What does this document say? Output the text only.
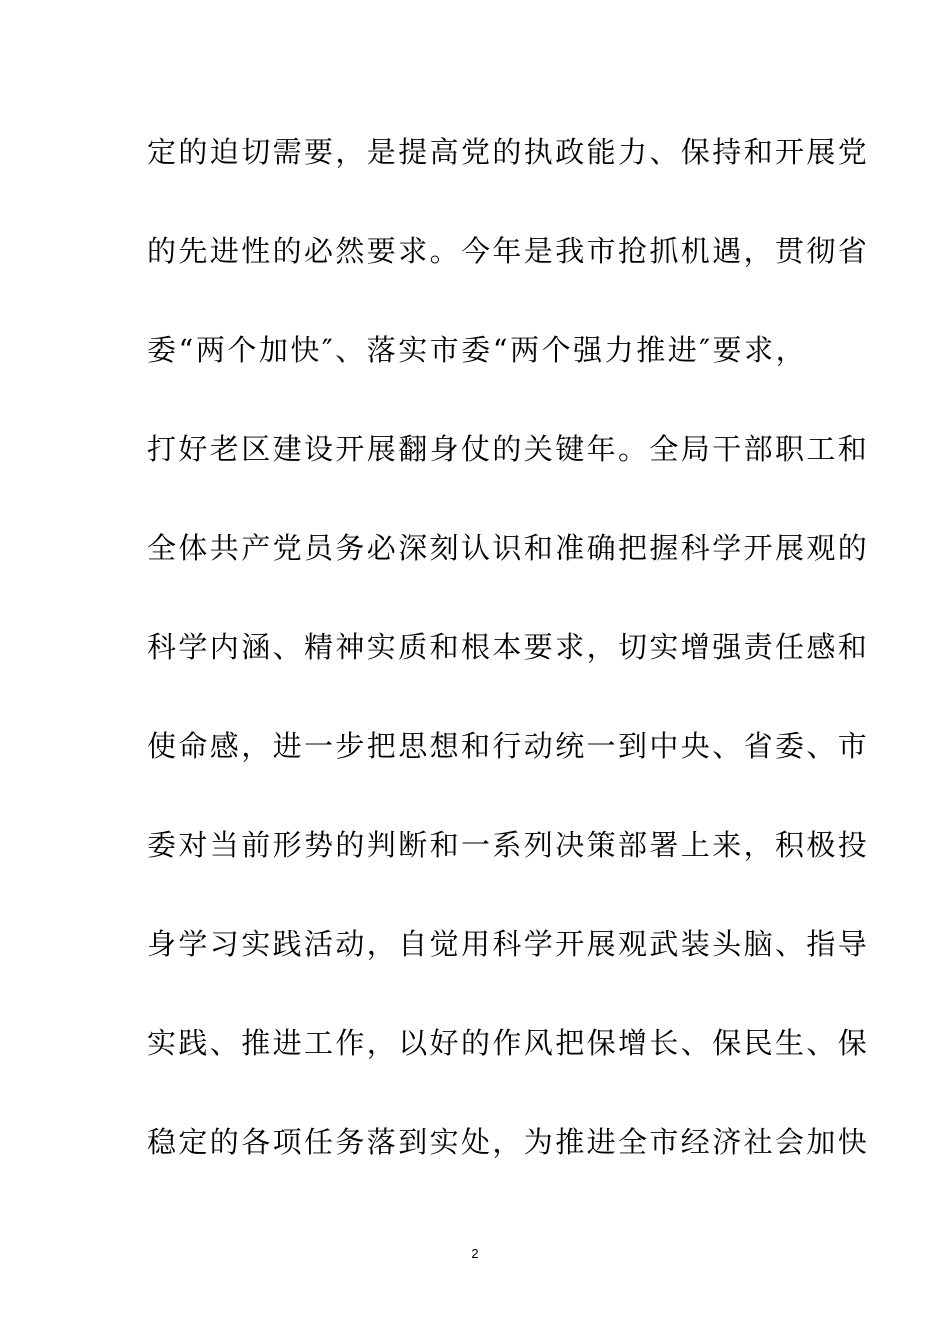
定的迫切需要，是提高党的执政能力、保持和开展党
的先进性的必然要求。今年是我市抢抓机遇，贯彻省
委“两个加快″、落实市委“两个强力推进″要求，
打好老区建设开展翻身仗的关键年。全局干部职工和
全体共产党员务必深刻认识和准确把握科学开展观的
科学内涵、精神实质和根本要求，切实增强责任感和
使命感，进一步把思想和行动统一到中央、省委、市
委对当前形势的判断和一系列决策部署上来，积极投
身学习实践活动，自觉用科学开展观武装头脑、指导
实践、推进工作，以好的作风把保增长、保民生、保
稳定的各项任务落到实处，为推进全市经济社会加快
2
